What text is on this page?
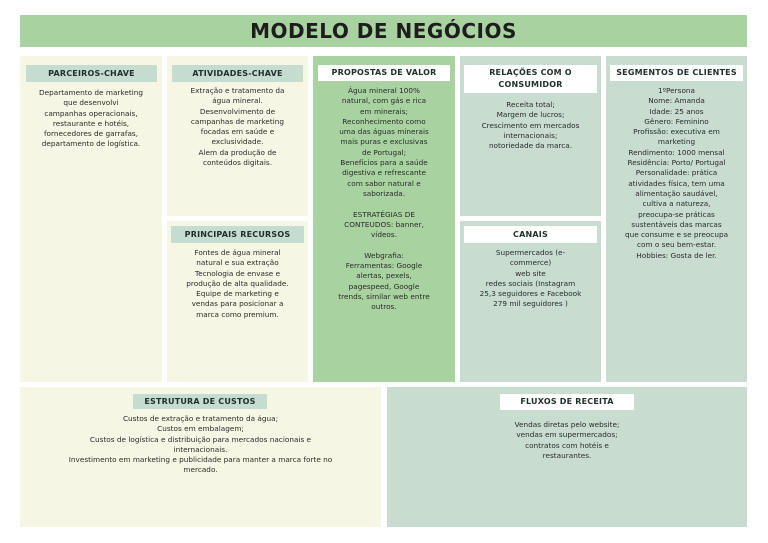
MODELO DE NEGÓCIOS
PARCEIROS-CHAVE
Departamento de marketing
que desenvolvi
campanhas operacionais,
restaurante e hotéis,
fornecedores de garrafas,
departamento de logística.
ATIVIDADES-CHAVE
Extração e tratamento da
água mineral.
Desenvolvimento de
campanhas de marketing
focadas em saúde e
exclusividade.
Alem da produção de
conteúdos digitais.
PRINCIPAIS RECURSOS
Fontes de água mineral
natural e sua extração
Tecnologia de envase e
produção de alta qualidade.
Equipe de marketing e
vendas para posicionar a
marca como premium.
PROPOSTAS DE VALOR
Água mineral 100%
natural, com gás e rica
em minerais;
Reconhecimento como
uma das águas minerais
mais puras e exclusivas
de Portugal;
Benefícios para a saúde
digestiva e refrescante
com sabor natural e
saborizada.
ESTRATÉGIAS DE
CONTEUDOS: banner,
vídeos.
Webgrafia:
Ferramentas: Google
alertas, pexels,
pagespeed, Google
trends, similar web entre
outros.
RELAÇÕES COM O
CONSUMIDOR
Receita total;
Margem de lucros;
Crescimento em mercados
internacionais;
notoriedade da marca.
CANAIS
Supermercados (e-
commerce)
web site
redes sociais (Instagram
25,3 seguidores e Facebook
279 mil seguidores )
SEGMENTOS DE CLIENTES
1ºPersona
Nome: Amanda
Idade: 25 anos
Gênero: Feminino
Profissão: executiva em
marketing
Rendimento: 1000 mensal
Residência: Porto/ Portugal
Personalidade: prática
atividades física, tem uma
alimentação saudável,
cultiva a natureza,
preocupa-se práticas
sustentáveis das marcas
que consume e se preocupa
com o seu bem-estar.
Hobbies: Gosta de ler.
ESTRUTURA DE CUSTOS
Custos de extração e tratamento da água;
Custos em embalagem;
Custos de logística e distribuição para mercados nacionais e
internacionais.
Investimento em marketing e publicidade para manter a marca forte no
mercado.
FLUXOS DE RECEITA
Vendas diretas pelo website;
vendas em supermercados;
contratos com hotéis e
restaurantes.
